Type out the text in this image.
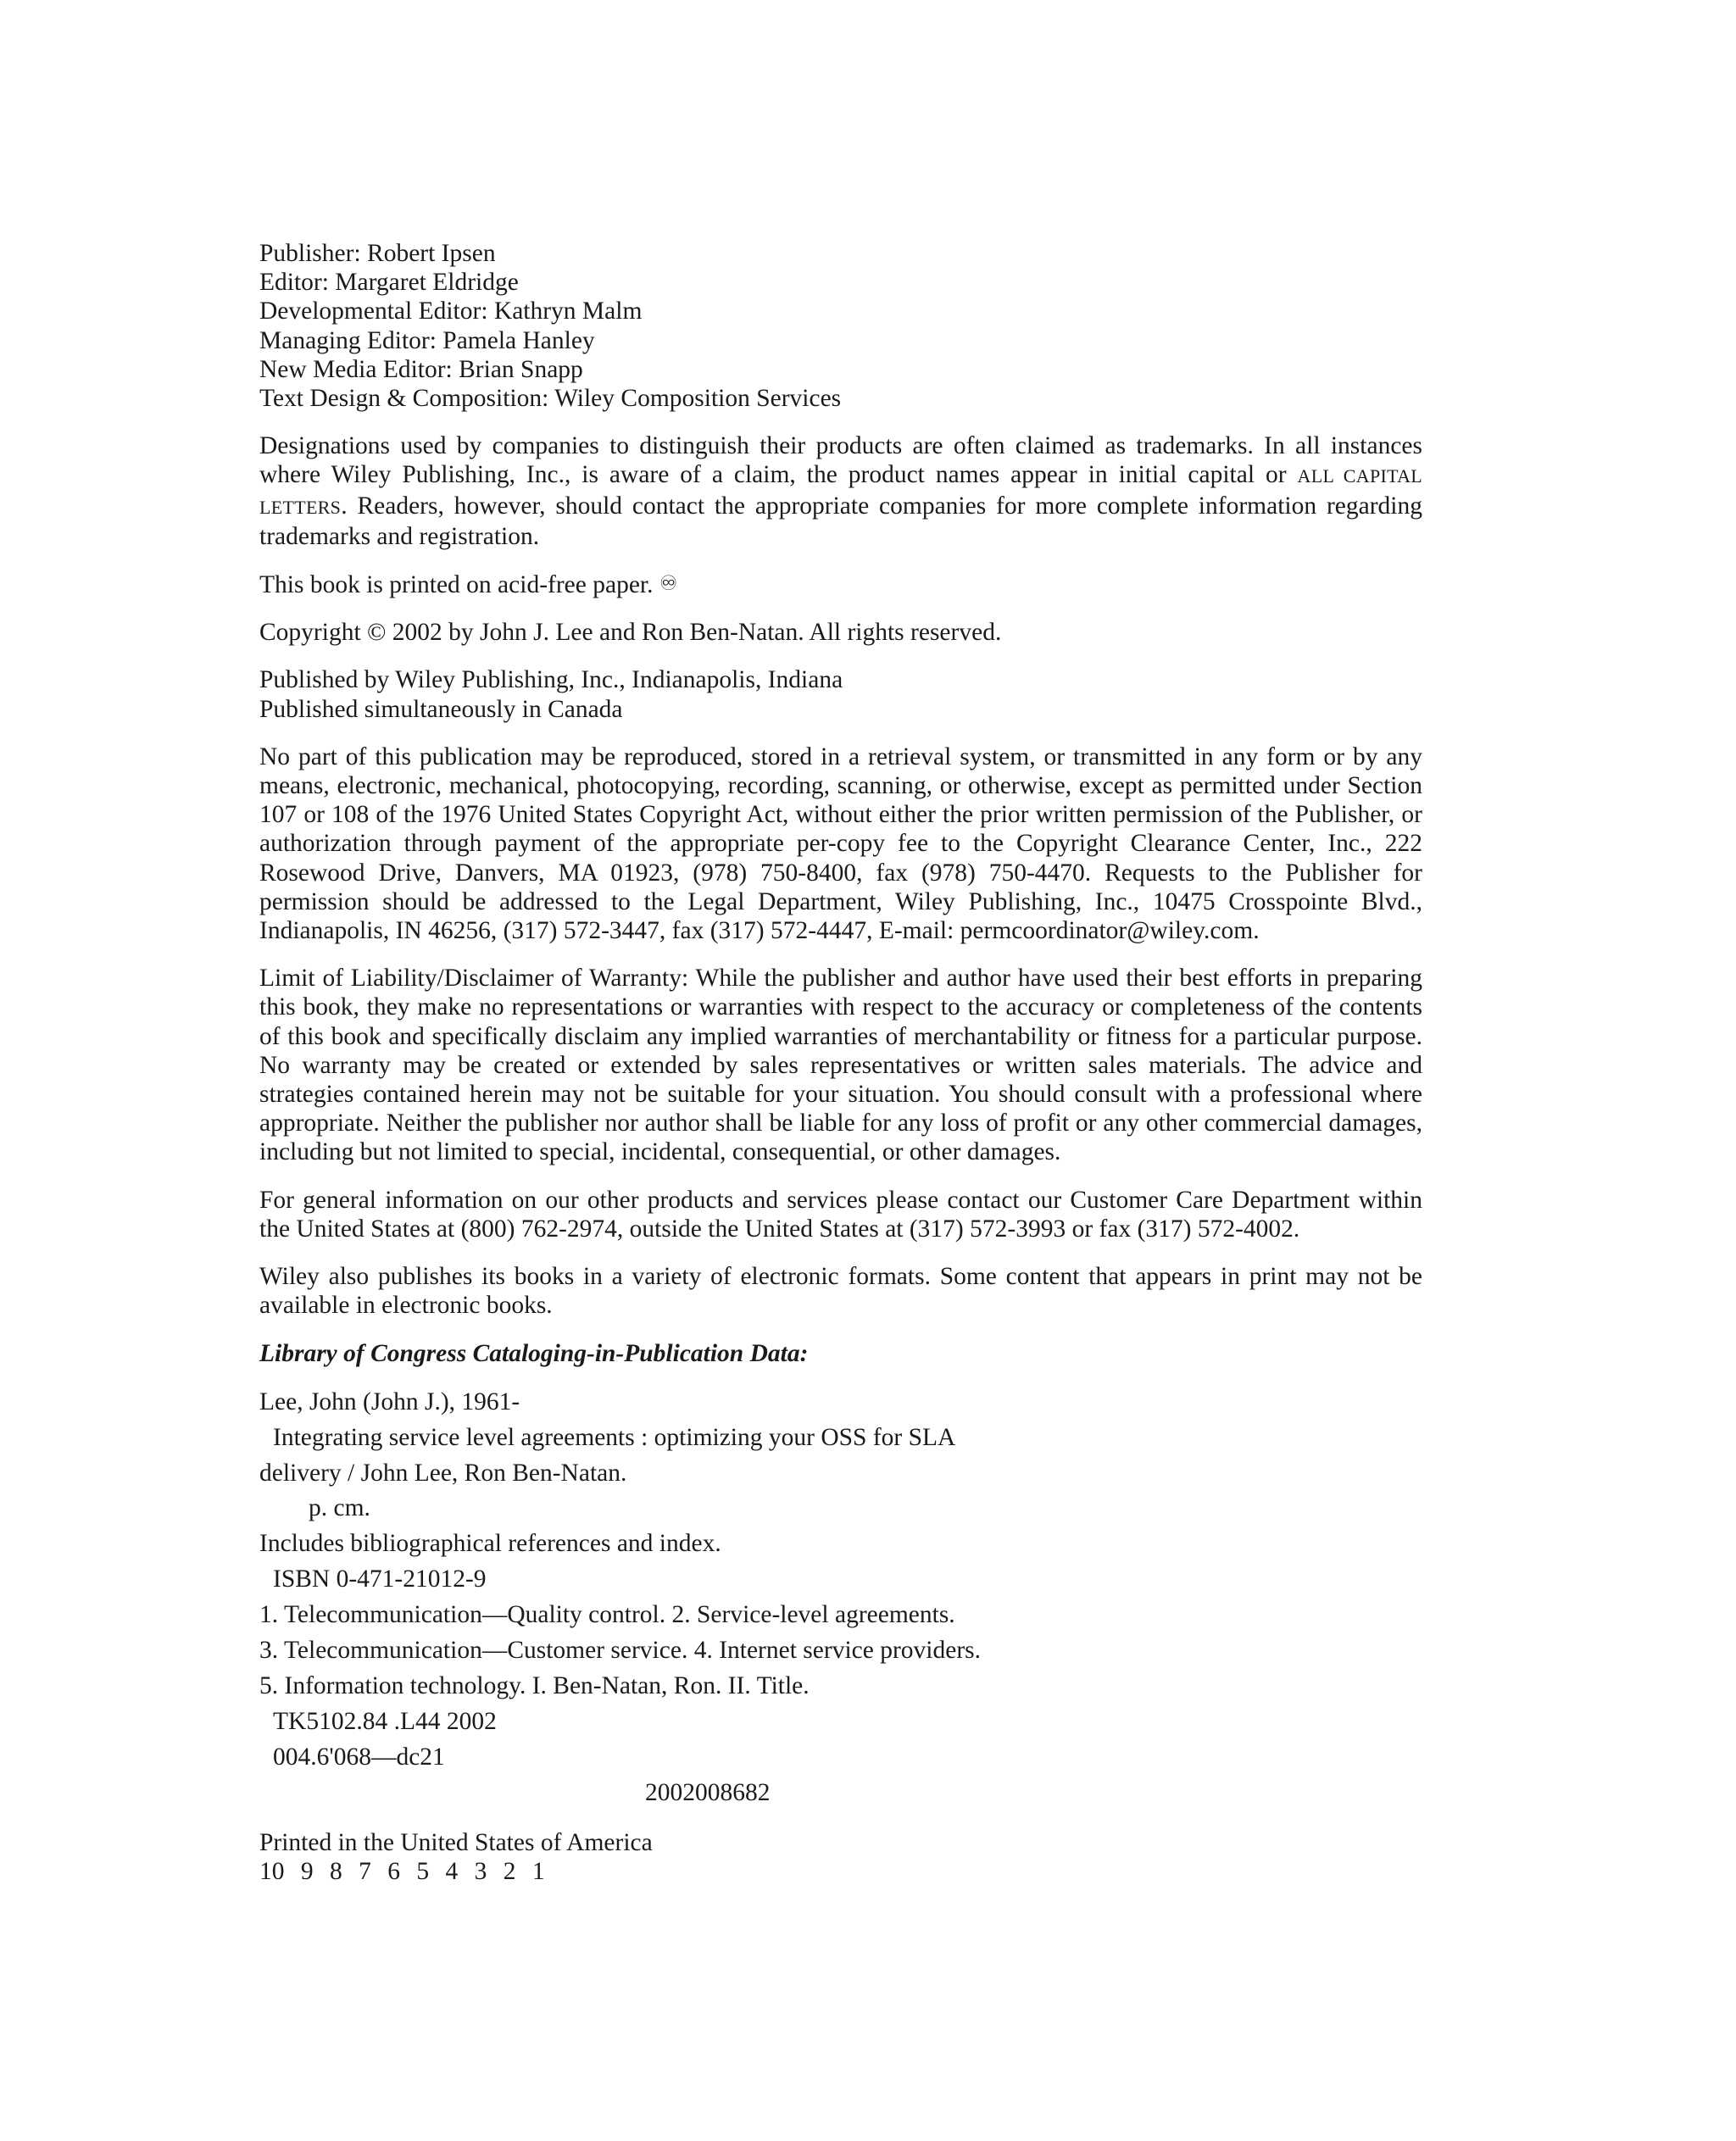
Publisher: Robert Ipsen
Editor: Margaret Eldridge
Developmental Editor: Kathryn Malm
Managing Editor: Pamela Hanley
New Media Editor: Brian Snapp
Text Design & Composition: Wiley Composition Services

Designations used by companies to distinguish their products are often claimed as trademarks. In all instances where Wiley Publishing, Inc., is aware of a claim, the product names appear in initial capital or ALL CAPITAL LETTERS. Readers, however, should contact the appropriate companies for more complete information regarding trademarks and registration.

This book is printed on acid-free paper. ♾

Copyright © 2002 by John J. Lee and Ron Ben-Natan. All rights reserved.

Published by Wiley Publishing, Inc., Indianapolis, Indiana
Published simultaneously in Canada

No part of this publication may be reproduced, stored in a retrieval system, or transmitted in any form or by any means, electronic, mechanical, photocopying, recording, scanning, or otherwise, except as permitted under Section 107 or 108 of the 1976 United States Copyright Act, without either the prior written permission of the Publisher, or authorization through payment of the appropriate per-copy fee to the Copyright Clearance Center, Inc., 222 Rosewood Drive, Danvers, MA 01923, (978) 750-8400, fax (978) 750-4470. Requests to the Publisher for permission should be addressed to the Legal Department, Wiley Publishing, Inc., 10475 Crosspointe Blvd., Indianapolis, IN 46256, (317) 572-3447, fax (317) 572-4447, E-mail: permcoordinator@wiley.com.

Limit of Liability/Disclaimer of Warranty: While the publisher and author have used their best efforts in preparing this book, they make no representations or warranties with respect to the accuracy or completeness of the contents of this book and specifically disclaim any implied warranties of merchantability or fitness for a particular purpose. No warranty may be created or extended by sales representatives or written sales materials. The advice and strategies contained herein may not be suitable for your situation. You should consult with a professional where appropriate. Neither the publisher nor author shall be liable for any loss of profit or any other commercial damages, including but not limited to special, incidental, consequential, or other damages.

For general information on our other products and services please contact our Customer Care Department within the United States at (800) 762-2974, outside the United States at (317) 572-3993 or fax (317) 572-4002.

Wiley also publishes its books in a variety of electronic formats. Some content that appears in print may not be available in electronic books.

Library of Congress Cataloging-in-Publication Data:
Lee, John (John J.), 1961-
Integrating service level agreements : optimizing your OSS for SLA
delivery / John Lee, Ron Ben-Natan.
p. cm.
Includes bibliographical references and index.
ISBN 0-471-21012-9
1. Telecommunication—Quality control. 2. Service-level agreements.
3. Telecommunication—Customer service. 4. Internet service providers.
5. Information technology. I. Ben-Natan, Ron. II. Title.
TK5102.84 .L44 2002
004.6'068—dc21
2002008682
Printed in the United States of America
10 9 8 7 6 5 4 3 2 1
